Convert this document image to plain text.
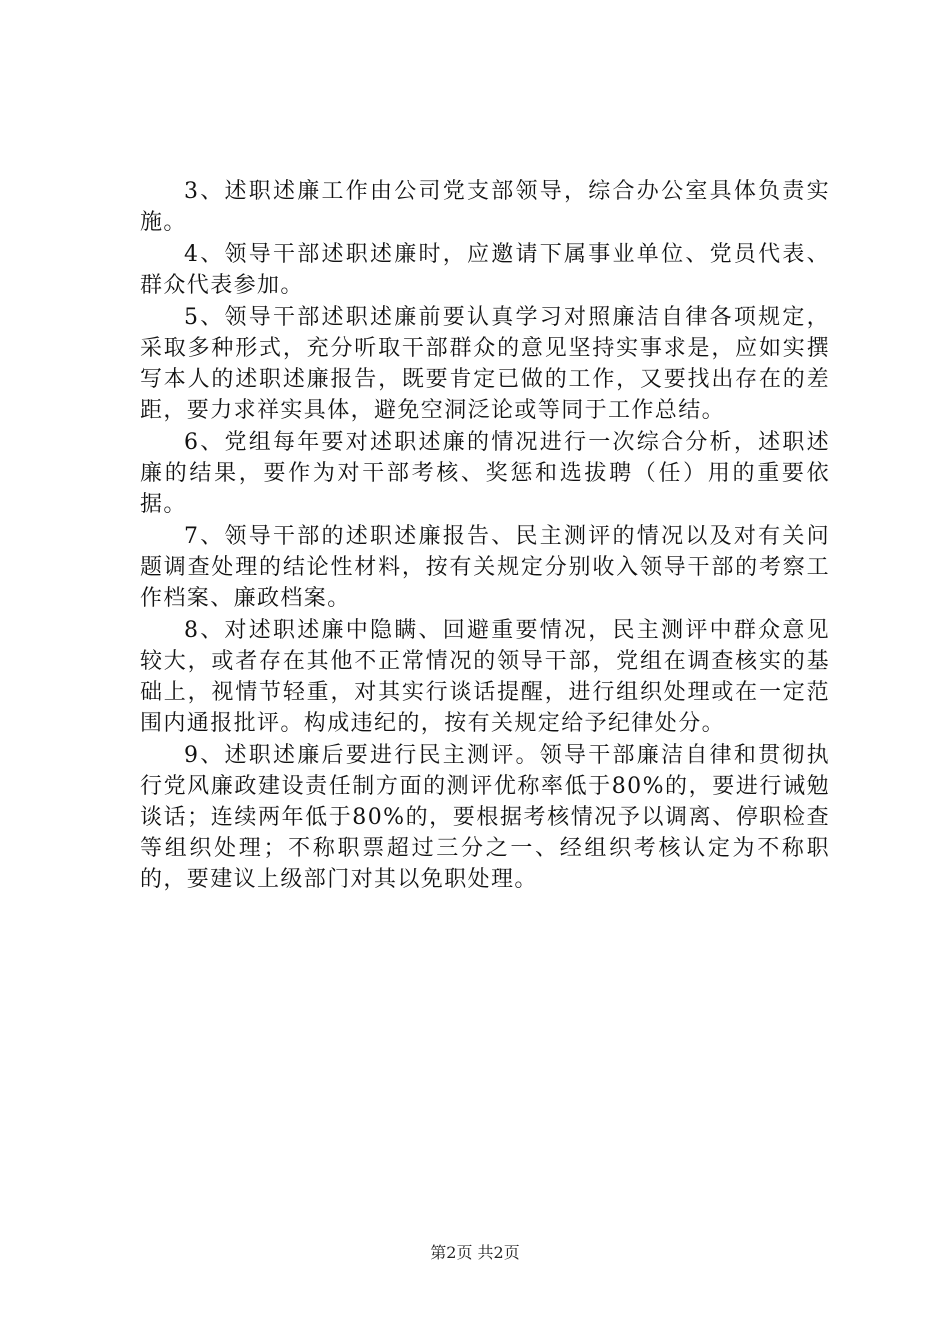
3、述职述廉工作由公司党支部领导，综合办公室具体负责实施。

4、领导干部述职述廉时，应邀请下属事业单位、党员代表、群众代表参加。

5、领导干部述职述廉前要认真学习对照廉洁自律各项规定，采取多种形式，充分听取干部群众的意见坚持实事求是，应如实撰写本人的述职述廉报告，既要肯定已做的工作，又要找出存在的差距，要力求祥实具体，避免空洞泛论或等同于工作总结。

6、党组每年要对述职述廉的情况进行一次综合分析，述职述廉的结果，要作为对干部考核、奖惩和选拔聘（任）用的重要依据。

7、领导干部的述职述廉报告、民主测评的情况以及对有关问题调查处理的结论性材料，按有关规定分别收入领导干部的考察工作档案、廉政档案。

8、对述职述廉中隐瞒、回避重要情况，民主测评中群众意见较大，或者存在其他不正常情况的领导干部，党组在调查核实的基础上，视情节轻重，对其实行谈话提醒，进行组织处理或在一定范围内通报批评。构成违纪的，按有关规定给予纪律处分。

9、述职述廉后要进行民主测评。领导干部廉洁自律和贯彻执行党风廉政建设责任制方面的测评优称率低于80%的，要进行诫勉谈话；连续两年低于80%的，要根据考核情况予以调离、停职检查等组织处理；不称职票超过三分之一、经组织考核认定为不称职的，要建议上级部门对其以免职处理。

第2页 共2页
